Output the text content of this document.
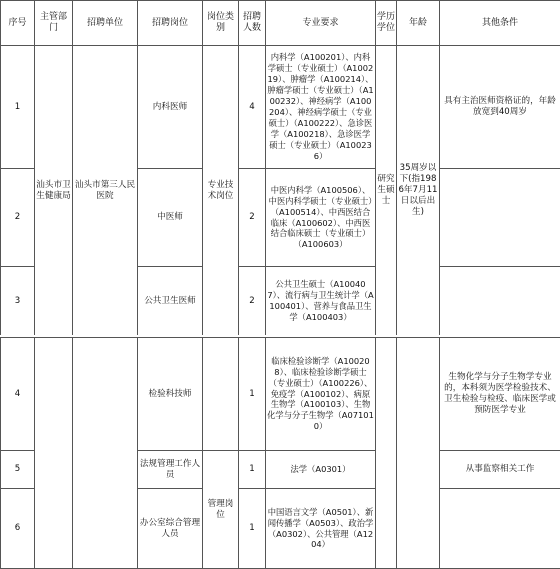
序号	主管部门	招聘单位	招聘岗位	岗位类别	招聘人数	专业要求	学历学位	年龄	其他条件
1	汕头市卫生健康局	汕头市第三人民医院	内科医师	专业技术岗位	4	内科学（A100201）、内科学硕士（专业硕士）（A100219）、肿瘤学（A100214）、肿瘤学硕士（专业硕士）（A100232）、神经病学（A100204）、神经病学硕士（专业硕士）（A100222）、急诊医学（A100218）、急诊医学硕士（专业硕士）（A100236）	研究生硕士	35周岁以下(指1986年7月11日以后出生)	具有主治医师资格证的，年龄放宽到40周岁
2			中医师		2	中医内科学（A100506）、中医内科学硕士（专业硕士）（A100514）、中西医结合临床（A100602）、中西医结合临床硕士（专业硕士）（A100603）			
3			公共卫生医师		2	公共卫生硕士（A100407）、流行病与卫生统计学（A100401）、营养与食品卫生学（A100403）			
4			检验科技师		1	临床检验诊断学（A100208）、临床检验诊断学硕士（专业硕士）（A100226）、免疫学（A100102）、病原生物学（A100103）、生物化学与分子生物学（A071010）			生物化学与分子生物学专业的，本科须为医学检验技术、卫生检验与检疫、临床医学或预防医学专业
5			法规管理工作人员	管理岗位	1	法学（A0301）			从事监察相关工作
6			办公室综合管理人员		1	中国语言文学（A0501）、新闻传播学（A0503）、政治学（A0302）、公共管理（A1204）			
